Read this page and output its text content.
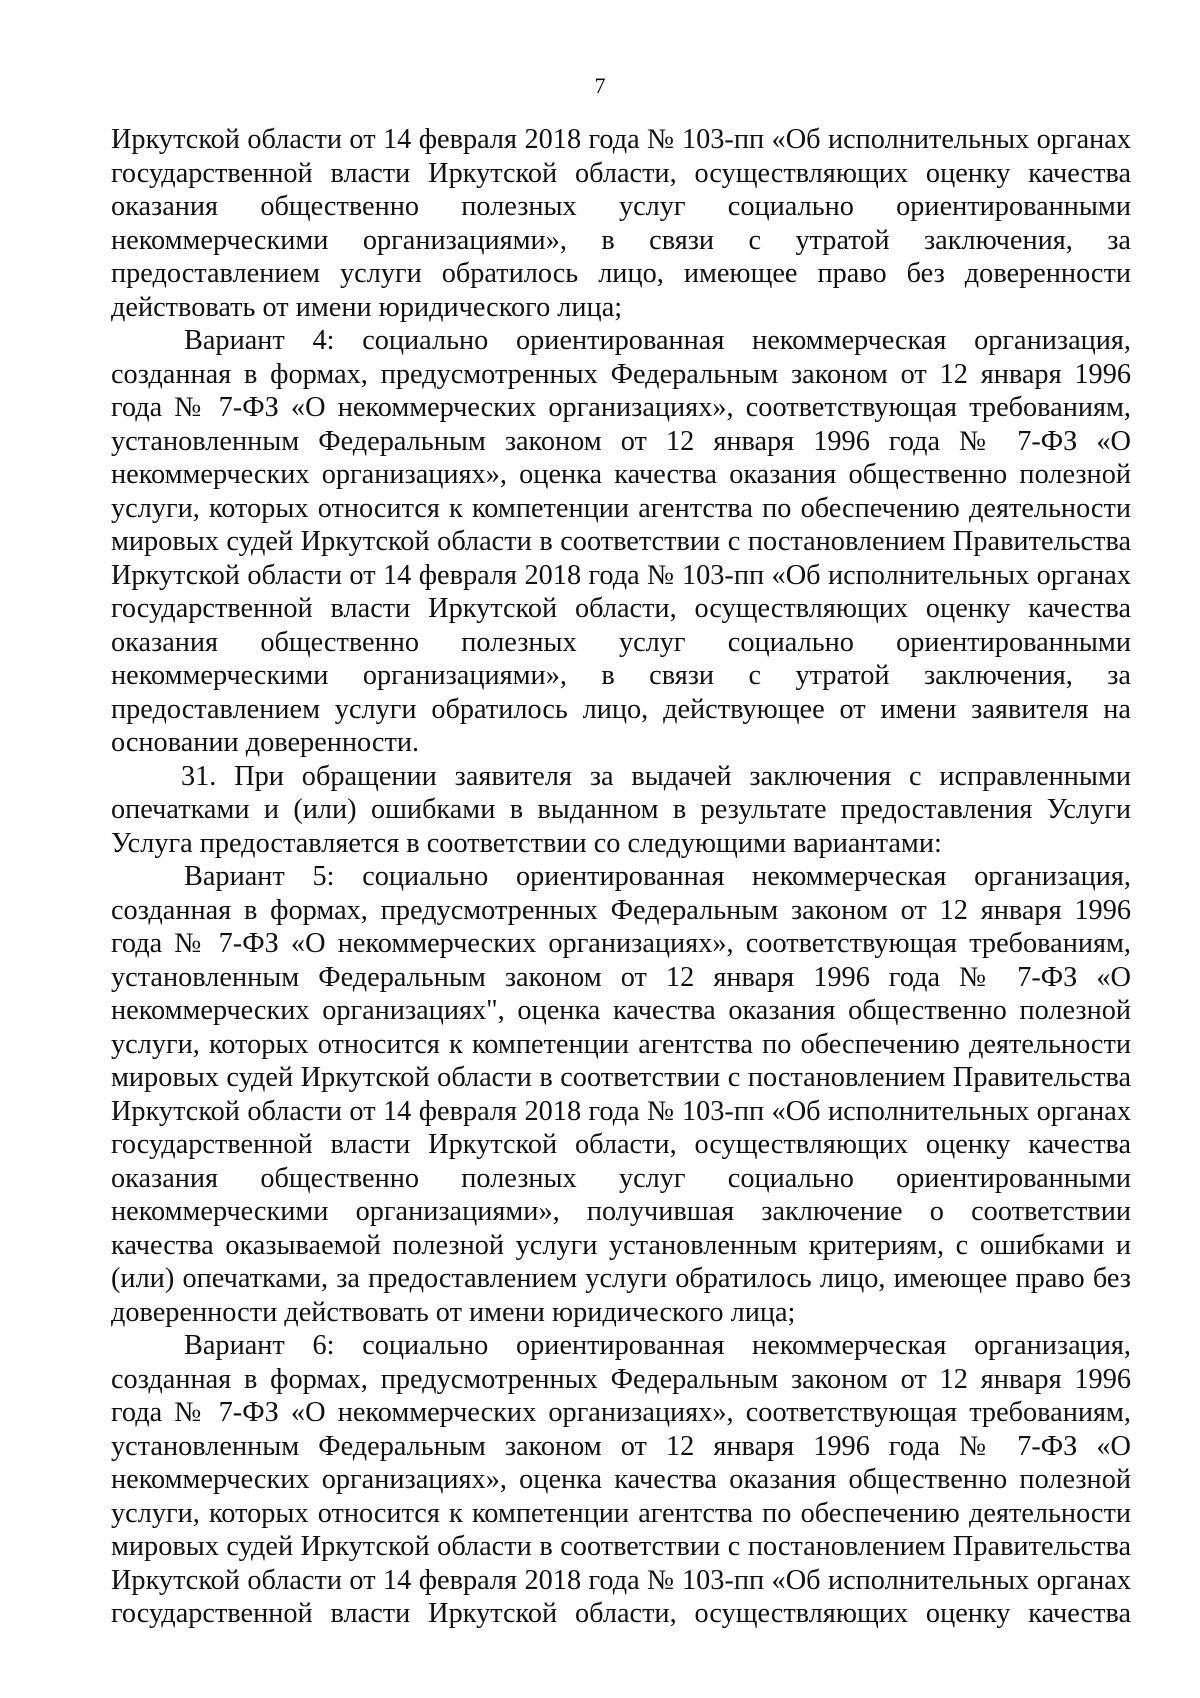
7

Иркутской области от 14 февраля 2018 года № 103-пп «Об исполнительных органах государственной власти Иркутской области, осуществляющих оценку качества оказания общественно полезных услуг социально ориентированными некоммерческими организациями», в связи с утратой заключения, за предоставлением услуги обратилось лицо, имеющее право без доверенности действовать от имени юридического лица;

Вариант 4: социально ориентированная некоммерческая организация, созданная в формах, предусмотренных Федеральным законом от 12 января 1996 года № 7-ФЗ «О некоммерческих организациях», соответствующая требованиям, установленным Федеральным законом от 12 января 1996 года № 7-ФЗ «О некоммерческих организациях», оценка качества оказания общественно полезной услуги, которых относится к компетенции агентства по обеспечению деятельности мировых судей Иркутской области в соответствии с постановлением Правительства Иркутской области от 14 февраля 2018 года № 103-пп «Об исполнительных органах государственной власти Иркутской области, осуществляющих оценку качества оказания общественно полезных услуг социально ориентированными некоммерческими организациями», в связи с утратой заключения, за предоставлением услуги обратилось лицо, действующее от имени заявителя на основании доверенности.

31. При обращении заявителя за выдачей заключения с исправленными опечатками и (или) ошибками в выданном в результате предоставления Услуги Услуга предоставляется в соответствии со следующими вариантами:

Вариант 5: социально ориентированная некоммерческая организация, созданная в формах, предусмотренных Федеральным законом от 12 января 1996 года № 7-ФЗ «О некоммерческих организациях», соответствующая требованиям, установленным Федеральным законом от 12 января 1996 года № 7-ФЗ «О некоммерческих организациях", оценка качества оказания общественно полезной услуги, которых относится к компетенции агентства по обеспечению деятельности мировых судей Иркутской области в соответствии с постановлением Правительства Иркутской области от 14 февраля 2018 года № 103-пп «Об исполнительных органах государственной власти Иркутской области, осуществляющих оценку качества оказания общественно полезных услуг социально ориентированными некоммерческими организациями», получившая заключение о соответствии качества оказываемой полезной услуги установленным критериям, с ошибками и (или) опечатками, за предоставлением услуги обратилось лицо, имеющее право без доверенности действовать от имени юридического лица;

Вариант 6: социально ориентированная некоммерческая организация, созданная в формах, предусмотренных Федеральным законом от 12 января 1996 года № 7-ФЗ «О некоммерческих организациях», соответствующая требованиям, установленным Федеральным законом от 12 января 1996 года № 7-ФЗ «О некоммерческих организациях», оценка качества оказания общественно полезной услуги, которых относится к компетенции агентства по обеспечению деятельности мировых судей Иркутской области в соответствии с постановлением Правительства Иркутской области от 14 февраля 2018 года № 103-пп «Об исполнительных органах государственной власти Иркутской области, осуществляющих оценку качества
